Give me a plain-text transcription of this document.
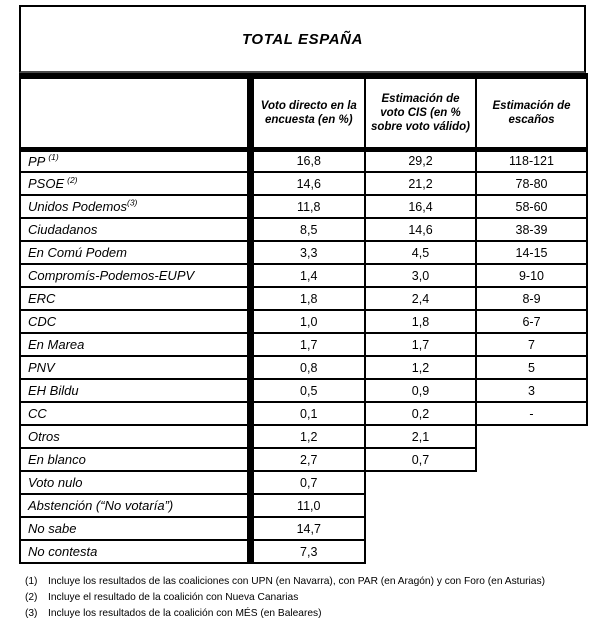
TOTAL ESPAÑA
	Voto directo en la encuesta (en %)	Estimación de voto CIS (en % sobre voto válido)	Estimación de escaños
PP $^{(1)}$	16,8	29,2	118-121
PSOE $^{(2)}$	14,6	21,2	78-80
Unidos Podemos$^{(3)}$	11,8	16,4	58-60
Ciudadanos	8,5	14,6	38-39
En Comú Podem	3,3	4,5	14-15
Compromís-Podemos-EUPV	1,4	3,0	9-10
ERC	1,8	2,4	8-9
CDC	1,0	1,8	6-7
En Marea	1,7	1,7	7
PNV	0,8	1,2	5
EH Bildu	0,5	0,9	3
CC	0,1	0,2	-
Otros	1,2	2,1	
En blanco	2,7	0,7	
Voto nulo	0,7		
Abstención (“No votaría”)	11,0		
No sabe	14,7		
No contesta	7,3		
(1)	Incluye los resultados de las coaliciones con UPN (en Navarra), con PAR (en Aragón) y con Foro (en Asturias)
(2)	Incluye el resultado de la coalición con Nueva Canarias
(3)	Incluye los resultados de la coalición con MÉS (en Baleares)
